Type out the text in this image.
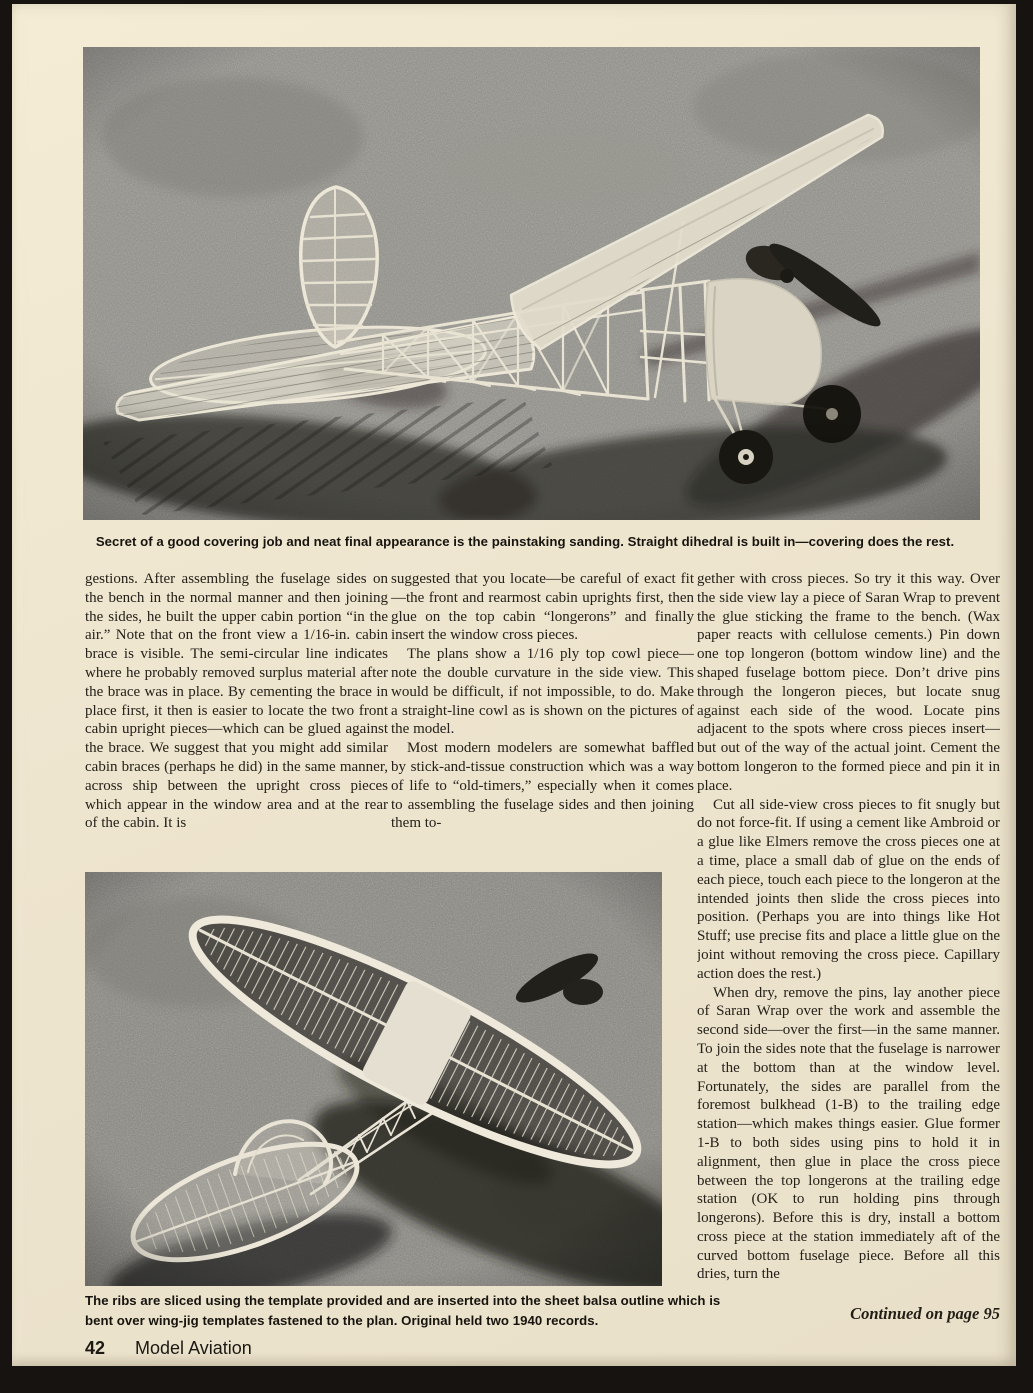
Secret of a good covering job and neat final appearance is the painstaking sanding. Straight dihedral is built in—covering does the rest.

gestions. After assembling the fuselage sides on the bench in the normal manner and then joining the sides, he built the upper cabin portion “in the air.” Note that on the front view a 1/16-in. cabin brace is visible. The semi-circular line indicates where he probably removed surplus material after the brace was in place. By cementing the brace in place first, it then is easier to locate the two front cabin upright pieces—which can be glued against the brace. We suggest that you might add similar cabin braces (perhaps he did) in the same manner, across ship between the upright cross pieces which appear in the window area and at the rear of the cabin. It is

suggested that you locate—be careful of exact fit—the front and rearmost cabin uprights first, then glue on the top cabin “longerons” and finally insert the window cross pieces.

The plans show a 1/16 ply top cowl piece—note the double curvature in the side view. This would be difficult, if not impossible, to do. Make a straight-line cowl as is shown on the pictures of the model.

Most modern modelers are somewhat baffled by stick-and-tissue construction which was a way of life to “old-timers,” especially when it comes to assembling the fuselage sides and then joining them to-

gether with cross pieces. So try it this way. Over the side view lay a piece of Saran Wrap to prevent the glue sticking the frame to the bench. (Wax paper reacts with cellulose cements.) Pin down one top longeron (bottom window line) and the shaped fuselage bottom piece. Don’t drive pins through the longeron pieces, but locate snug against each side of the wood. Locate pins adjacent to the spots where cross pieces insert—but out of the way of the actual joint. Cement the bottom longeron to the formed piece and pin it in place.

Cut all side-view cross pieces to fit snugly but do not force-fit. If using a cement like Ambroid or a glue like Elmers remove the cross pieces one at a time, place a small dab of glue on the ends of each piece, touch each piece to the longeron at the intended joints then slide the cross pieces into position. (Perhaps you are into things like Hot Stuff; use precise fits and place a little glue on the joint without removing the cross piece. Capillary action does the rest.)

When dry, remove the pins, lay another piece of Saran Wrap over the work and assemble the second side—over the first—in the same manner. To join the sides note that the fuselage is narrower at the bottom than at the window level. Fortunately, the sides are parallel from the foremost bulkhead (1-B) to the trailing edge station—which makes things easier. Glue former 1-B to both sides using pins to hold it in alignment, then glue in place the cross piece between the top longerons at the trailing edge station (OK to run holding pins through longerons). Before this is dry, install a bottom cross piece at the station immediately aft of the curved bottom fuselage piece. Before all this dries, turn the

The ribs are sliced using the template provided and are inserted into the sheet balsa outline which is bent over wing-jig templates fastened to the plan. Original held two 1940 records.	Continued on page 95
42 Model Aviation
